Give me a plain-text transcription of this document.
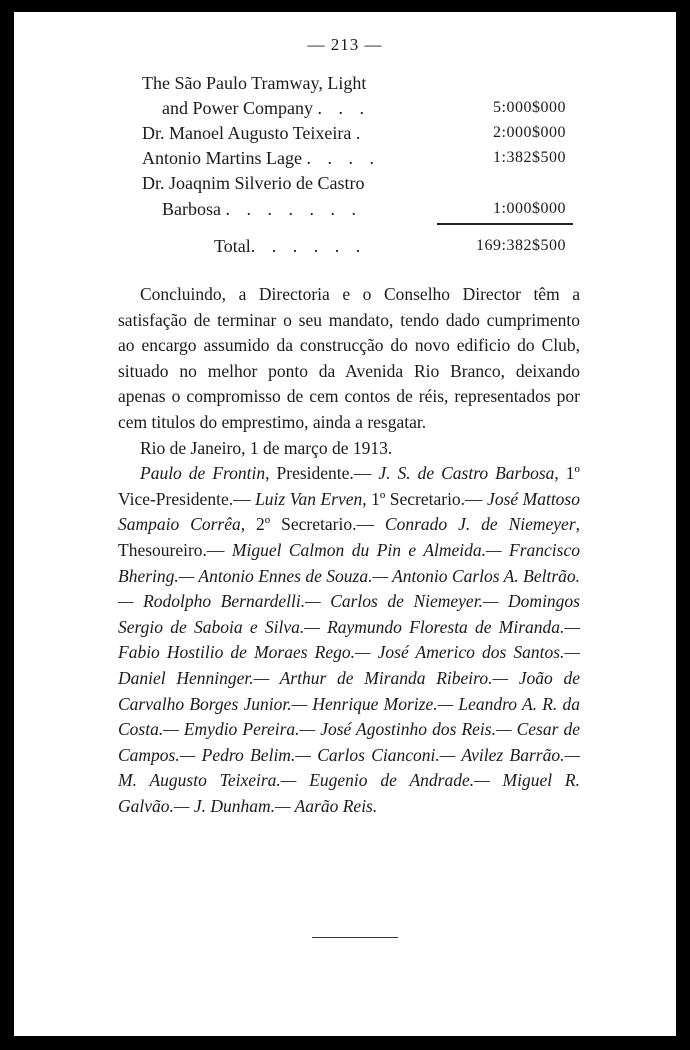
— 213 —
The São Paulo Tramway, Light
and Power Company . . .	5:000$000
Dr. Manoel Augusto Teixeira .	2:000$000
Antonio Martins Lage . . . .	1:382$500
Dr. Joaqnim Silverio de Castro
Barbosa . . . . . . .	1:000$000
Total. . . . . .	169:382$500

Concluindo, a Directoria e o Conselho Director têm a satisfação de terminar o seu mandato, tendo dado cumprimento ao encargo assumido da construcção do novo edificio do Club, situado no melhor ponto da Avenida Rio Branco, deixando apenas o compromisso de cem contos de réis, representados por cem titulos do emprestimo, ainda a resgatar.

Rio de Janeiro, 1 de março de 1913.

Paulo de Frontin, Presidente.— J. S. de Castro Barbosa, 1º Vice-Presidente.— Luiz Van Erven, 1º Secretario.— José Mattoso Sampaio Corrêa, 2º Secretario.— Conrado J. de Niemeyer, Thesoureiro.— Miguel Calmon du Pin e Almeida.— Francisco Bhering.— Antonio Ennes de Souza.— Antonio Carlos A. Beltrão.— Rodolpho Bernardelli.— Carlos de Niemeyer.— Domingos Sergio de Saboia e Silva.— Raymundo Floresta de Miranda.— Fabio Hostilio de Moraes Rego.— José Americo dos Santos.— Daniel Henninger.— Arthur de Miranda Ribeiro.— João de Carvalho Borges Junior.— Henrique Morize.— Leandro A. R. da Costa.— Emydio Pereira.— José Agostinho dos Reis.— Cesar de Campos.— Pedro Belim.— Carlos Cianconi.— Avilez Barrão.— M. Augusto Teixeira.— Eugenio de Andrade.— Miguel R. Galvão.— J. Dunham.— Aarão Reis.
